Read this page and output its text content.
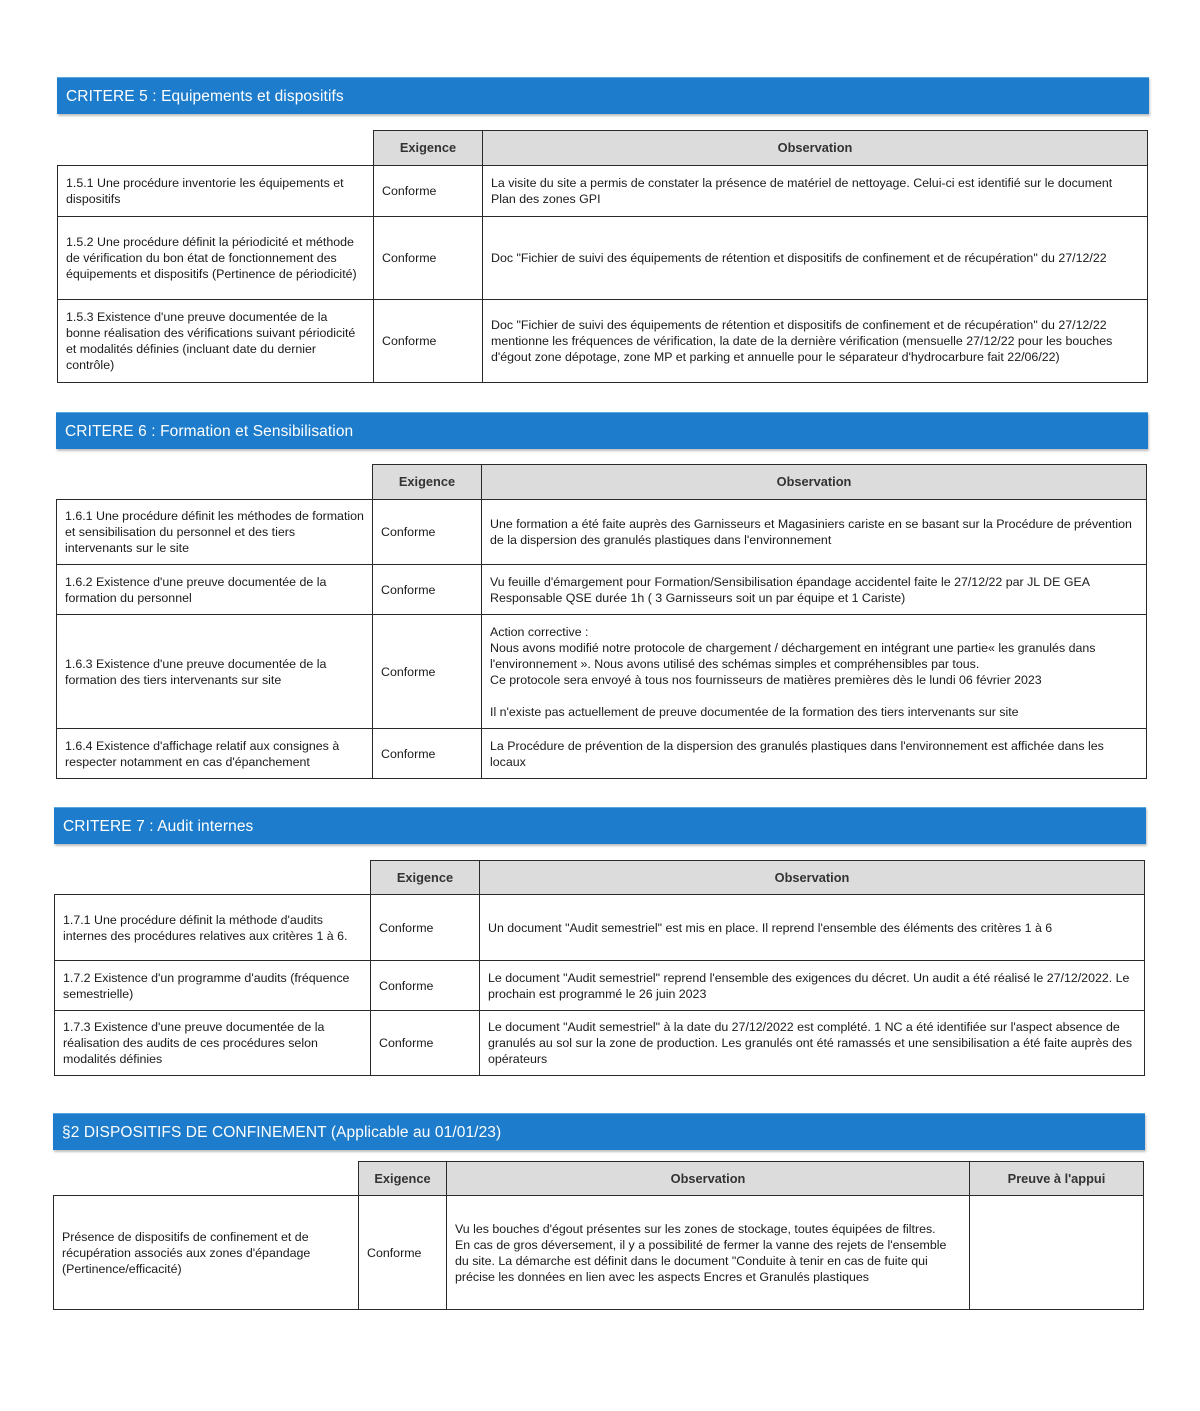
CRITERE 5 : Equipements et dispositifs
	Exigence	Observation
1.5.1 Une procédure inventorie les équipements et dispositifs	Conforme	La visite du site a permis de constater la présence de matériel de nettoyage. Celui-ci est identifié sur le document Plan des zones GPI
1.5.2 Une procédure définit la périodicité et méthode de vérification du bon état de fonctionnement des équipements et dispositifs (Pertinence de périodicité)	Conforme	Doc "Fichier de suivi des équipements de rétention et dispositifs de confinement et de récupération" du 27/12/22
1.5.3 Existence d'une preuve documentée de la bonne réalisation des vérifications suivant périodicité et modalités définies (incluant date du dernier contrôle)	Conforme	Doc "Fichier de suivi des équipements de rétention et dispositifs de confinement et de récupération" du 27/12/22 mentionne les fréquences de vérification, la date de la dernière vérification (mensuelle 27/12/22 pour les bouches d'égout zone dépotage, zone MP et parking et annuelle pour le séparateur d'hydrocarbure fait 22/06/22)
CRITERE 6 : Formation et Sensibilisation
	Exigence	Observation
1.6.1 Une procédure définit les méthodes de formation et sensibilisation du personnel et des tiers intervenants sur le site	Conforme	Une formation a été faite auprès des Garnisseurs et Magasiniers cariste en se basant sur la Procédure de prévention de la dispersion des granulés plastiques dans l'environnement
1.6.2 Existence d'une preuve documentée de la formation du personnel	Conforme	Vu feuille d'émargement pour Formation/Sensibilisation épandage accidentel faite le 27/12/22 par JL DE GEA Responsable QSE durée 1h ( 3 Garnisseurs soit un par équipe et 1 Cariste)
1.6.3 Existence d'une preuve documentée de la formation des tiers intervenants sur site	Conforme	Action corrective :
Nous avons modifié notre protocole de chargement / déchargement en intégrant une partie« les granulés dans l'environnement ». Nous avons utilisé des schémas simples et compréhensibles par tous.
Ce protocole sera envoyé à tous nos fournisseurs de matières premières dès le lundi 06 février 2023
Il n'existe pas actuellement de preuve documentée de la formation des tiers intervenants sur site

1.6.4 Existence d'affichage relatif aux consignes à respecter notamment en cas d'épanchement	Conforme	La Procédure de prévention de la dispersion des granulés plastiques dans l'environnement est affichée dans les locaux
CRITERE 7 : Audit internes
	Exigence	Observation
1.7.1 Une procédure définit la méthode d'audits internes des procédures relatives aux critères 1 à 6.	Conforme	Un document "Audit semestriel" est mis en place. Il reprend l'ensemble des éléments des critères 1 à 6
1.7.2 Existence d'un programme d'audits (fréquence semestrielle)	Conforme	Le document "Audit semestriel" reprend l'ensemble des exigences du décret. Un audit a été réalisé le 27/12/2022. Le prochain est programmé le 26 juin 2023
1.7.3 Existence d'une preuve documentée de la réalisation des audits de ces procédures selon modalités définies	Conforme	Le document "Audit semestriel" à la date du 27/12/2022 est complété. 1 NC a été identifiée sur l'aspect absence de granulés au sol sur la zone de production. Les granulés ont été ramassés et une sensibilisation a été faite auprès des opérateurs
§2 DISPOSITIFS DE CONFINEMENT (Applicable au 01/01/23)
	Exigence	Observation	Preuve à l'appui
Présence de dispositifs de confinement et de récupération associés aux zones d'épandage (Pertinence/efficacité)	Conforme	Vu les bouches d'égout présentes sur les zones de stockage, toutes équipées de filtres.
En cas de gros déversement, il y a possibilité de fermer la vanne des rejets de l'ensemble du site. La démarche est définit dans le document "Conduite à tenir en cas de fuite qui précise les données en lien avec les aspects Encres et Granulés plastiques	
